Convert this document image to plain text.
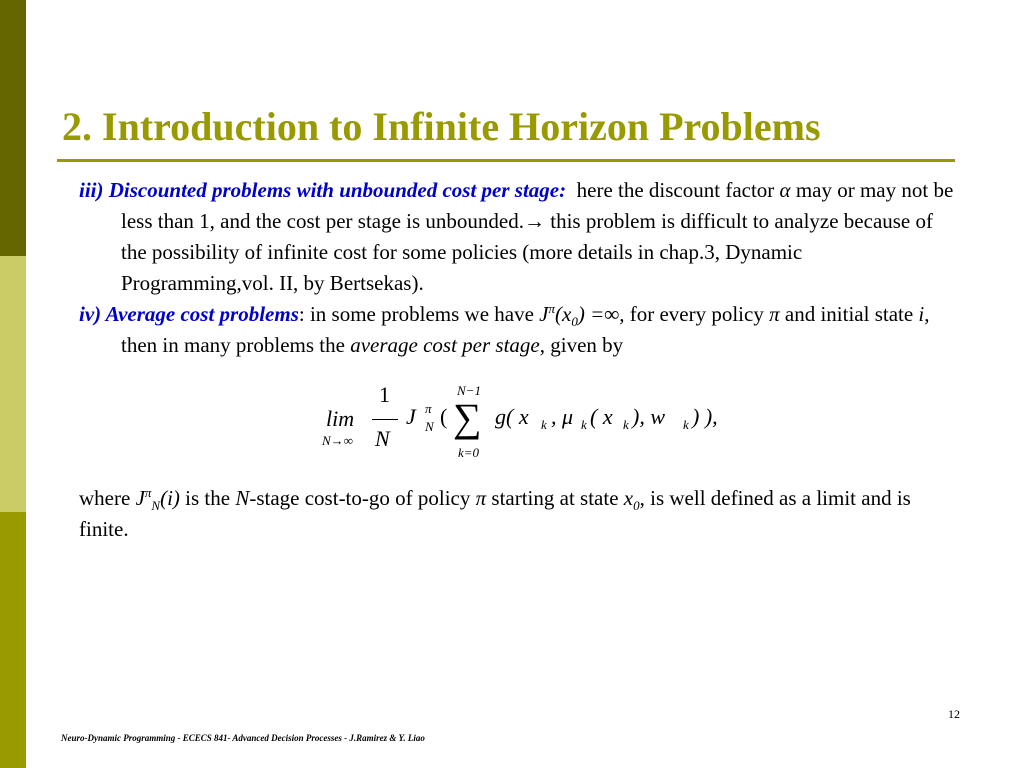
2. Introduction to Infinite Horizon Problems
iii) Discounted problems with unbounded cost per stage: here the discount factor α may or may not be less than 1, and the cost per stage is unbounded.→ this problem is difficult to analyze because of the possibility of infinite cost for some policies (more details in chap.3, Dynamic Programming,vol. II, by Bertsekas).
iv) Average cost problems: in some problems we have $J^\pi(x_0)$ =∞, for every policy π and initial state i, then in many problems the average cost per stage, given by
lim
N→∞
1
N
J π
N ( ∑
N−1
k=0
g( x k , μ k ( x k ), w k ) ),
where $J^\pi_N(i)$ is the N-stage cost-to-go of policy π starting at state $x_0$, is well defined as a limit and is finite.
12
Neuro-Dynamic Programming - ECECS 841- Advanced Decision Processes - J.Ramirez & Y. Liao
